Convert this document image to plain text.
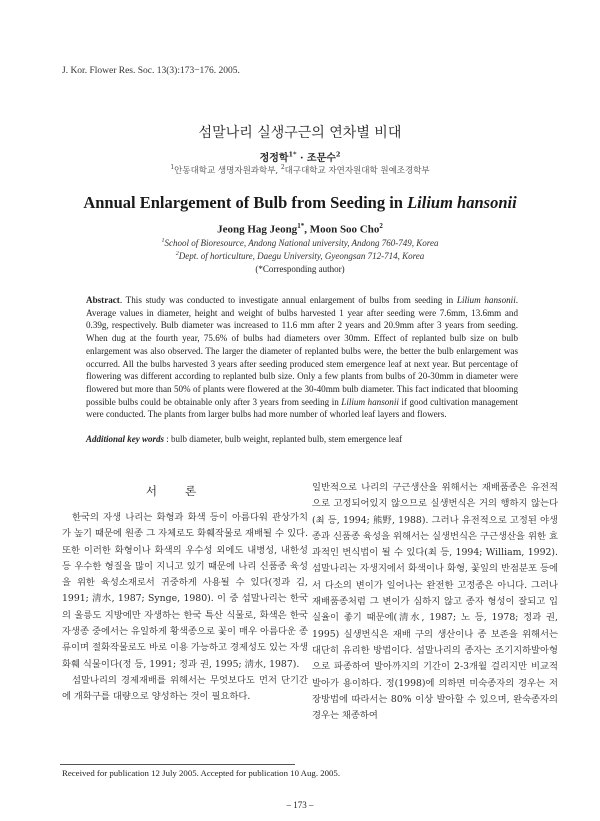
J. Kor. Flower Res. Soc. 13(3):173−176. 2005.
섬말나리 실생구근의 연차별 비대
정정학$^{1*}$ · 조문수$^2$
$^1$안동대학교 생명자원과학부, $^2$대구대학교 자연자원대학 원예조경학부
Annual Enlargement of Bulb from Seeding in Lilium hansonii
Jeong Hag Jeong$^{1*}$, Moon Soo Cho$^2$
$^1$School of Bioresource, Andong National university, Andong 760-749, Korea
$^2$Dept. of horticulture, Daegu University, Gyeongsan 712-714, Korea
(*Corresponding author)
Abstract. This study was conducted to investigate annual enlargement of bulbs from seeding in Lilium hansonii. Average values in diameter, height and weight of bulbs harvested 1 year after seeding were 7.6mm, 13.6mm and 0.39g, respectively. Bulb diameter was increased to 11.6 mm after 2 years and 20.9mm after 3 years from seeding. When dug at the fourth year, 75.6% of bulbs had diameters over 30mm. Effect of replanted bulb size on bulb enlargement was also observed. The larger the diameter of replanted bulbs were, the better the bulb enlargement was occurred. All the bulbs harvested 3 years after seeding produced stem emergence leaf at next year. But percentage of flowering was different according to replanted bulb size. Only a few plants from bulbs of 20-30mm in diameter were flowered but more than 50% of plants were flowered at the 30-40mm bulb diameter. This fact indicated that blooming possible bulbs could be obtainable only after 3 years from seeding in Lilium hansonii if good cultivation management were conducted. The plants from larger bulbs had more number of whorled leaf layers and flowers.
Additional key words : bulb diameter, bulb weight, replanted bulb, stem emergence leaf
서론

한국의 자생 나리는 화형과 화색 등이 아름다워 관상가치가 높기 때문에 원종 그 자체로도 화훼작물로 재배될 수 있다. 또한 이러한 화형이나 화색의 우수성 외에도 내병성, 내한성 등 우수한 형질을 많이 지니고 있기 때문에 나리 신품종 육성을 위한 육성소재로서 귀중하게 사용될 수 있다(정과 김, 1991; 淸水, 1987; Synge, 1980). 이 중 섬말나리는 한국의 울릉도 지방에만 자생하는 한국 특산 식물로, 화색은 한국 자생종 중에서는 유일하게 황색종으로 꽃이 매우 아름다운 종류이며 절화작물로도 바로 이용 가능하고 경제성도 있는 자생 화훼 식물이다(정 등, 1991; 정과 권, 1995; 淸水, 1987).

섬말나리의 경제재배를 위해서는 무엇보다도 먼저 단기간에 개화구를 대량으로 양성하는 것이 필요하다.

일반적으로 나리의 구근생산을 위해서는 재배품종은 유전적으로 고정되어있지 않으므로 실생번식은 거의 행하지 않는다(최 등, 1994; 熊野, 1988). 그러나 유전적으로 고정된 야생종과 신품종 육성을 위해서는 실생번식은 구근생산을 위한 효과적인 번식법이 될 수 있다(최 등, 1994; William, 1992). 섬말나리는 자생지에서 화색이나 화형, 꽃잎의 반점분포 등에서 다소의 변이가 일어나는 완전한 고정종은 아니다. 그러나 재배품종처럼 그 변이가 심하지 않고 종자 형성이 잘되고 입실율이 좋기 때문에(淸水, 1987; 노 등, 1978; 정과 권, 1995) 실생번식은 재배 구의 생산이나 종 보존을 위해서는 대단히 유리한 방법이다. 섬말나리의 종자는 조기지하발아형으로 파종하여 발아까지의 기간이 2-3개월 걸리지만 비교적 발아가 용이하다. 정(1998)에 의하면 미숙종자의 경우는 저장방법에 따라서는 80% 이상 발아할 수 있으며, 완숙종자의 경우는 채종하여

Received for publication 12 July 2005. Accepted for publication 10 Aug. 2005.
– 173 –
